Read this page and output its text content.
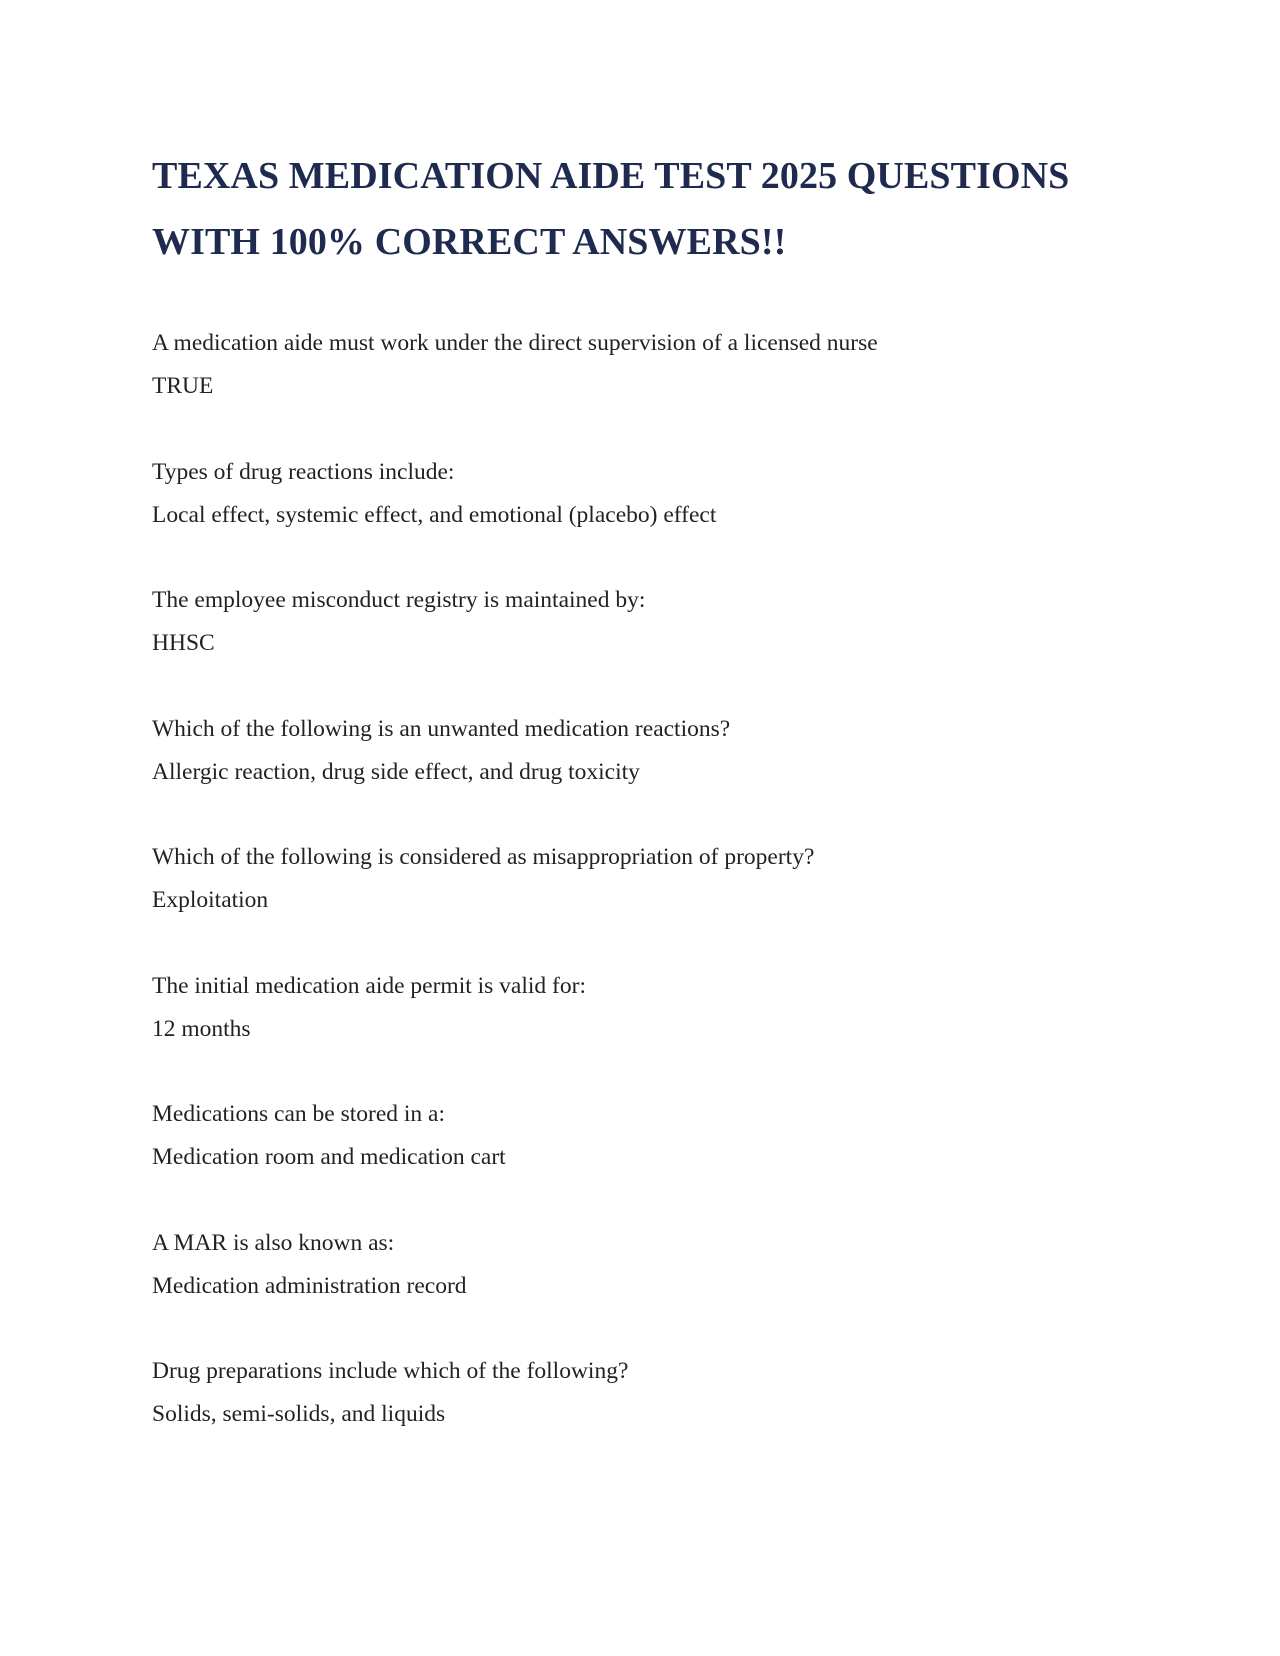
TEXAS MEDICATION AIDE TEST 2025 QUESTIONS
WITH 100% CORRECT ANSWERS!!
A medication aide must work under the direct supervision of a licensed nurse
TRUE
Types of drug reactions include:
Local effect, systemic effect, and emotional (placebo) effect
The employee misconduct registry is maintained by:
HHSC
Which of the following is an unwanted medication reactions?
Allergic reaction, drug side effect, and drug toxicity
Which of the following is considered as misappropriation of property?
Exploitation
The initial medication aide permit is valid for:
12 months
Medications can be stored in a:
Medication room and medication cart
A MAR is also known as:
Medication administration record
Drug preparations include which of the following?
Solids, semi-solids, and liquids
